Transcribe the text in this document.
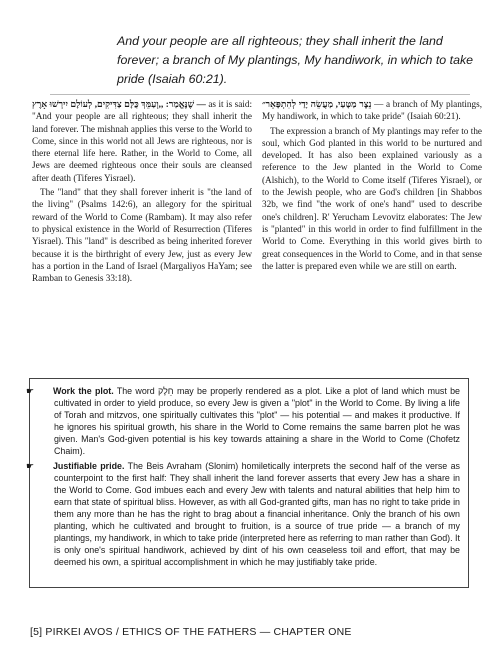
And your people are all righteous; they shall inherit the land forever; a branch of My plantings, My handiwork, in which to take pride (Isaiah 60:21).

— שֶׁנֶּאֱמַר: ,,וְעַמֵּךְ כֻּלָּם צַדִּיקִים, לְעוֹלָם יִירְשׁוּ אָרֶץ as it is said: "And your people are all righteous; they shall inherit the land forever. The mishnah applies this verse to the World to Come, since in this world not all Jews are righteous, nor is there eternal life here. Rather, in the World to Come, all Jews are deemed righteous once their souls are cleansed after death (Tiferes Yisrael).

The "land" that they shall forever inherit is "the land of the living" (Psalms 142:6), an allegory for the spiritual reward of the World to Come (Rambam). It may also refer to physical existence in the World of Resurrection (Tiferes Yisrael). This "land" is described as being inherited forever because it is the birthright of every Jew, just as every Jew has a portion in the Land of Israel (Margaliyos HaYam; see Ramban to Genesis 33:18).

נֵצֶר מַטָּעַי, מַעֲשֵׂה יָדַי לְהִתְפָּאֵר״ — a branch of My plantings, My handiwork, in which to take pride" (Isaiah 60:21).

The expression a branch of My plantings may refer to the soul, which God planted in this world to be nurtured and developed. It has also been explained variously as a reference to the Jew planted in the World to Come (Alshich), to the World to Come itself (Tiferes Yisrael), or to the Jewish people, who are God's children [in Shabbos 32b, we find "the work of one's hand" used to describe one's children]. R' Yerucham Levovitz elaborates: The Jew is "planted" in this world in order to find fulfillment in the World to Come. Everything in this world gives birth to great consequences in the World to Come, and in that sense the latter is prepared even while we are still on earth.

☛ Work the plot. The word חֵלֶק may be properly rendered as a plot. Like a plot of land which must be cultivated in order to yield produce, so every Jew is given a "plot" in the World to Come. By living a life of Torah and mitzvos, one spiritually cultivates this "plot" — his potential — and makes it productive. If he ignores his spiritual growth, his share in the World to Come remains the same barren plot he was given. Man's God-given potential is his key towards attaining a share in the World to Come (Chofetz Chaim).
☛ Justifiable pride. The Beis Avraham (Slonim) homiletically interprets the second half of the verse as counterpoint to the first half: They shall inherit the land forever asserts that every Jew has a share in the World to Come. God imbues each and every Jew with talents and natural abilities that help him to earn that state of spiritual bliss. However, as with all God-granted gifts, man has no right to take pride in them any more than he has the right to brag about a financial inheritance. Only the branch of his own planting, which he cultivated and brought to fruition, is a source of true pride — a branch of my plantings, my handiwork, in which to take pride (interpreted here as referring to man rather than God). It is only one's spiritual handiwork, achieved by dint of his own ceaseless toil and effort, that may be deemed his own, a spiritual accomplishment in which he may justifiably take pride.
[5] PIRKEI AVOS / ETHICS OF THE FATHERS — CHAPTER ONE
